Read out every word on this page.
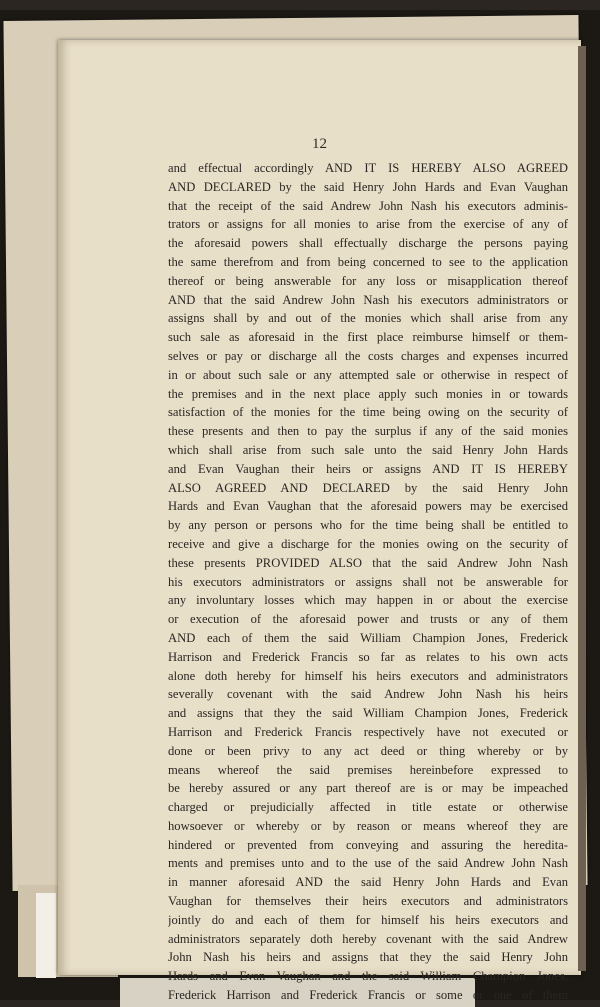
12
and effectual accordingly AND IT IS HEREBY ALSO AGREED
AND DECLARED by the said Henry John Hards and Evan Vaughan
that the receipt of the said Andrew John Nash his executors adminis-
trators or assigns for all monies to arise from the exercise of any of
the aforesaid powers shall effectually discharge the persons paying
the same therefrom and from being concerned to see to the application
thereof or being answerable for any loss or misapplication thereof
AND that the said Andrew John Nash his executors administrators or
assigns shall by and out of the monies which shall arise from any
such sale as aforesaid in the first place reimburse himself or them-
selves or pay or discharge all the costs charges and expenses incurred
in or about such sale or any attempted sale or otherwise in respect of
the premises and in the next place apply such monies in or towards
satisfaction of the monies for the time being owing on the security of
these presents and then to pay the surplus if any of the said monies
which shall arise from such sale unto the said Henry John Hards
and Evan Vaughan their heirs or assigns AND IT IS HEREBY
ALSO AGREED AND DECLARED by the said Henry John
Hards and Evan Vaughan that the aforesaid powers may be exercised
by any person or persons who for the time being shall be entitled to
receive and give a discharge for the monies owing on the security of
these presents PROVIDED ALSO that the said Andrew John Nash
his executors administrators or assigns shall not be answerable for
any involuntary losses which may happen in or about the exercise
or execution of the aforesaid power and trusts or any of them
AND each of them the said William Champion Jones, Frederick
Harrison and Frederick Francis so far as relates to his own acts
alone doth hereby for himself his heirs executors and administrators
severally covenant with the said Andrew John Nash his heirs
and assigns that they the said William Champion Jones, Frederick
Harrison and Frederick Francis respectively have not executed or
done or been privy to any act deed or thing whereby or by
means whereof the said premises hereinbefore expressed to
be hereby assured or any part thereof are is or may be impeached
charged or prejudicially affected in title estate or otherwise
howsoever or whereby or by reason or means whereof they are
hindered or prevented from conveying and assuring the heredita-
ments and premises unto and to the use of the said Andrew John Nash
in manner aforesaid AND the said Henry John Hards and Evan
Vaughan for themselves their heirs executors and administrators
jointly do and each of them for himself his heirs executors and
administrators separately doth hereby covenant with the said Andrew
John Nash his heirs and assigns that they the said Henry John
Hards and Evan Vaughan and the said William Champion Jones,
Frederick Harrison and Frederick Francis or some or one of them
